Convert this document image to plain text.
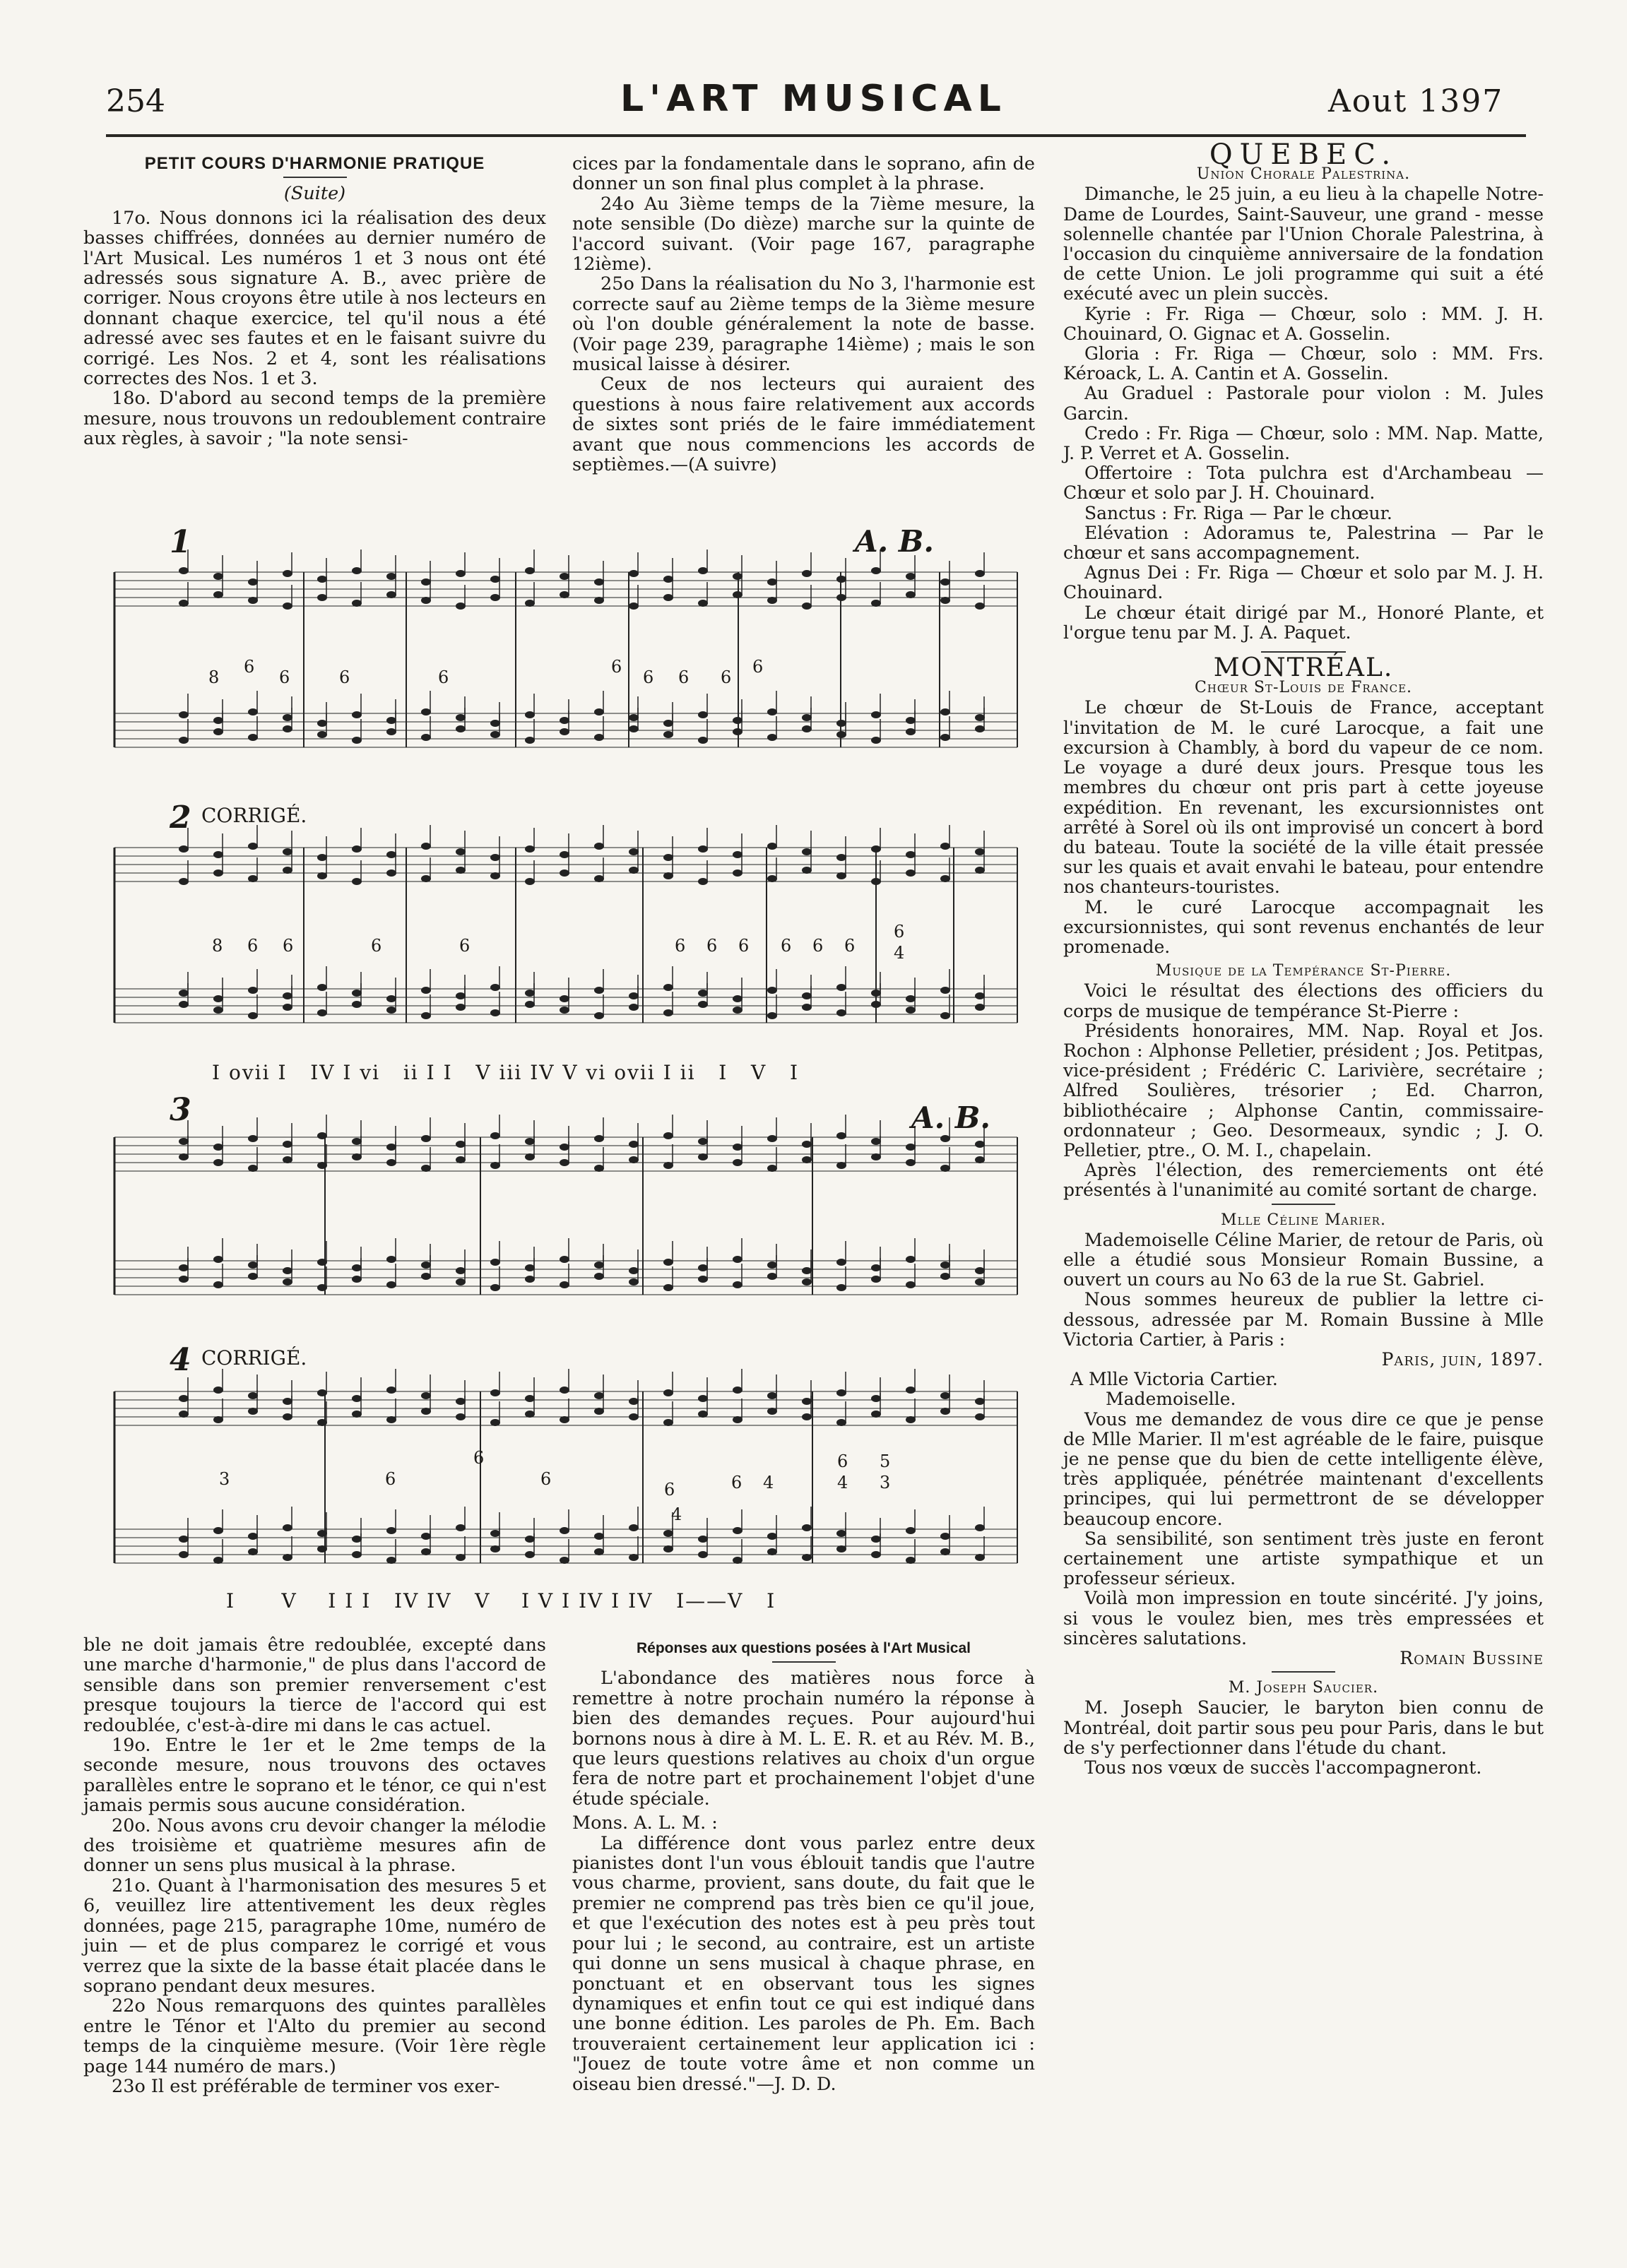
254	L'ART MUSICAL	Aout 1397

PETIT COURS D'HARMONIE PRATIQUE

(Suite)

17o. Nous donnons ici la réalisation des deux basses chiffrées, données au dernier numéro de l'Art Musical. Les numéros 1 et 3 nous ont été adressés sous signature A. B., avec prière de corriger. Nous croyons être utile à nos lecteurs en donnant chaque exercice, tel qu'il nous a été adressé avec ses fautes et en le faisant suivre du corrigé. Les Nos. 2 et 4, sont les réalisations correctes des Nos. 1 et 3.

18o. D'abord au second temps de la première mesure, nous trouvons un redoublement contraire aux règles, à savoir ; "la note sensi-

cices par la fondamentale dans le soprano, afin de donner un son final plus complet à la phrase.

24o Au 3ième temps de la 7ième mesure, la note sensible (Do dièze) marche sur la quinte de l'accord suivant. (Voir page 167, paragraphe 12ième).

25o Dans la réalisation du No 3, l'harmonie est correcte sauf au 2ième temps de la 3ième mesure où l'on double généralement la note de basse. (Voir page 239, paragraphe 14ième) ; mais le son musical laisse à désirer.

Ceux de nos lecteurs qui auraient des questions à nous faire relativement aux accords de sixtes sont priés de le faire immédiatement avant que nous commencions les accords de septièmes.—(A suivre)

1	A. B.
8
6
6	6	6
6
6 6 6
6
2 CORRIGÉ.
8 6 6	6	6	6 6 6 6 6 6
6
4
I ovii I   IV I vi   ii I I   V iii IV V vi ovii I ii   I   V   I
3	A. B.
4 CORRIGÉ.
3	6
6
6
6	6 4
6 5
4 3
4
I      V    I I I   IV IV   V    I V I IV I IV   I——V   I

ble ne doit jamais être redoublée, excepté dans une marche d'harmonie," de plus dans l'accord de sensible dans son premier renversement c'est presque toujours la tierce de l'accord qui est redoublée, c'est-à-dire mi dans le cas actuel.

19o. Entre le 1er et le 2me temps de la seconde mesure, nous trouvons des octaves parallèles entre le soprano et le ténor, ce qui n'est jamais permis sous aucune considération.

20o. Nous avons cru devoir changer la mélodie des troisième et quatrième mesures afin de donner un sens plus musical à la phrase.

21o. Quant à l'harmonisation des mesures 5 et 6, veuillez lire attentivement les deux règles données, page 215, paragraphe 10me, numéro de juin — et de plus comparez le corrigé et vous verrez que la sixte de la basse était placée dans le soprano pendant deux mesures.

22o Nous remarquons des quintes parallèles entre le Ténor et l'Alto du premier au second temps de la cinquième mesure. (Voir 1ère règle page 144 numéro de mars.)

23o Il est préférable de terminer vos exer-

Réponses aux questions posées à l'Art Musical

L'abondance des matières nous force à remettre à notre prochain numéro la réponse à bien des demandes reçues. Pour aujourd'hui bornons nous à dire à M. L. E. R. et au Rév. M. B., que leurs questions relatives au choix d'un orgue fera de notre part et prochainement l'objet d'une étude spéciale.

Mons. A. L. M. :

La différence dont vous parlez entre deux pianistes dont l'un vous éblouit tandis que l'autre vous charme, provient, sans doute, du fait que le premier ne comprend pas très bien ce qu'il joue, et que l'exécution des notes est à peu près tout pour lui ; le second, au contraire, est un artiste qui donne un sens musical à chaque phrase, en ponctuant et en observant tous les signes dynamiques et enfin tout ce qui est indiqué dans une bonne édition. Les paroles de Ph. Em. Bach trouveraient certainement leur application ici : "Jouez de toute votre âme et non comme un oiseau bien dressé."—J. D. D.

QUEBEC.

Union Chorale Palestrina.

Dimanche, le 25 juin, a eu lieu à la chapelle Notre-Dame de Lourdes, Saint-Sauveur, une grand - messe solennelle chantée par l'Union Chorale Palestrina, à l'occasion du cinquième anniversaire de la fondation de cette Union. Le joli programme qui suit a été exécuté avec un plein succès.

Kyrie : Fr. Riga — Chœur, solo : MM. J. H. Chouinard, O. Gignac et A. Gosselin.

Gloria : Fr. Riga — Chœur, solo : MM. Frs. Kéroack, L. A. Cantin et A. Gosselin.

Au Graduel : Pastorale pour violon : M. Jules Garcin.

Credo : Fr. Riga — Chœur, solo : MM. Nap. Matte, J. P. Verret et A. Gosselin.

Offertoire : Tota pulchra est d'Archambeau — Chœur et solo par J. H. Chouinard.

Sanctus : Fr. Riga — Par le chœur.

Elévation : Adoramus te, Palestrina — Par le chœur et sans accompagnement.

Agnus Dei : Fr. Riga — Chœur et solo par M. J. H. Chouinard.

Le chœur était dirigé par M., Honoré Plante, et l'orgue tenu par M. J. A. Paquet.

MONTRÉAL.

Chœur St-Louis de France.

Le chœur de St-Louis de France, acceptant l'invitation de M. le curé Larocque, a fait une excursion à Chambly, à bord du vapeur de ce nom. Le voyage a duré deux jours. Presque tous les membres du chœur ont pris part à cette joyeuse expédition. En revenant, les excursionnistes ont arrêté à Sorel où ils ont improvisé un concert à bord du bateau. Toute la société de la ville était pressée sur les quais et avait envahi le bateau, pour entendre nos chanteurs-touristes.

M. le curé Larocque accompagnait les excursionnistes, qui sont revenus enchantés de leur promenade.

Musique de la Tempérance St-Pierre.

Voici le résultat des élections des officiers du corps de musique de tempérance St-Pierre :

Présidents honoraires, MM. Nap. Royal et Jos. Rochon : Alphonse Pelletier, président ; Jos. Petitpas, vice-président ; Frédéric C. Larivière, secrétaire ; Alfred Soulières, trésorier ; Ed. Charron, bibliothécaire ; Alphonse Cantin, commissaire-ordonnateur ; Geo. Desormeaux, syndic ; J. O. Pelletier, ptre., O. M. I., chapelain.

Après l'élection, des remerciements ont été présentés à l'unanimité au comité sortant de charge.

Mlle Céline Marier.

Mademoiselle Céline Marier, de retour de Paris, où elle a étudié sous Monsieur Romain Bussine, a ouvert un cours au No 63 de la rue St. Gabriel.

Nous sommes heureux de publier la lettre ci-dessous, adressée par M. Romain Bussine à Mlle Victoria Cartier, à Paris :

Paris, juin, 1897.

A Mlle Victoria Cartier.

Mademoiselle.

Vous me demandez de vous dire ce que je pense de Mlle Marier. Il m'est agréable de le faire, puisque je ne pense que du bien de cette intelligente élève, très appliquée, pénétrée maintenant d'excellents principes, qui lui permettront de se développer beaucoup encore.

Sa sensibilité, son sentiment très juste en feront certainement une artiste sympathique et un professeur sérieux.

Voilà mon impression en toute sincérité. J'y joins, si vous le voulez bien, mes très empressées et sincères salutations.

Romain Bussine

M. Joseph Saucier.

M. Joseph Saucier, le baryton bien connu de Montréal, doit partir sous peu pour Paris, dans le but de s'y perfectionner dans l'étude du chant.

Tous nos vœux de succès l'accompagneront.
